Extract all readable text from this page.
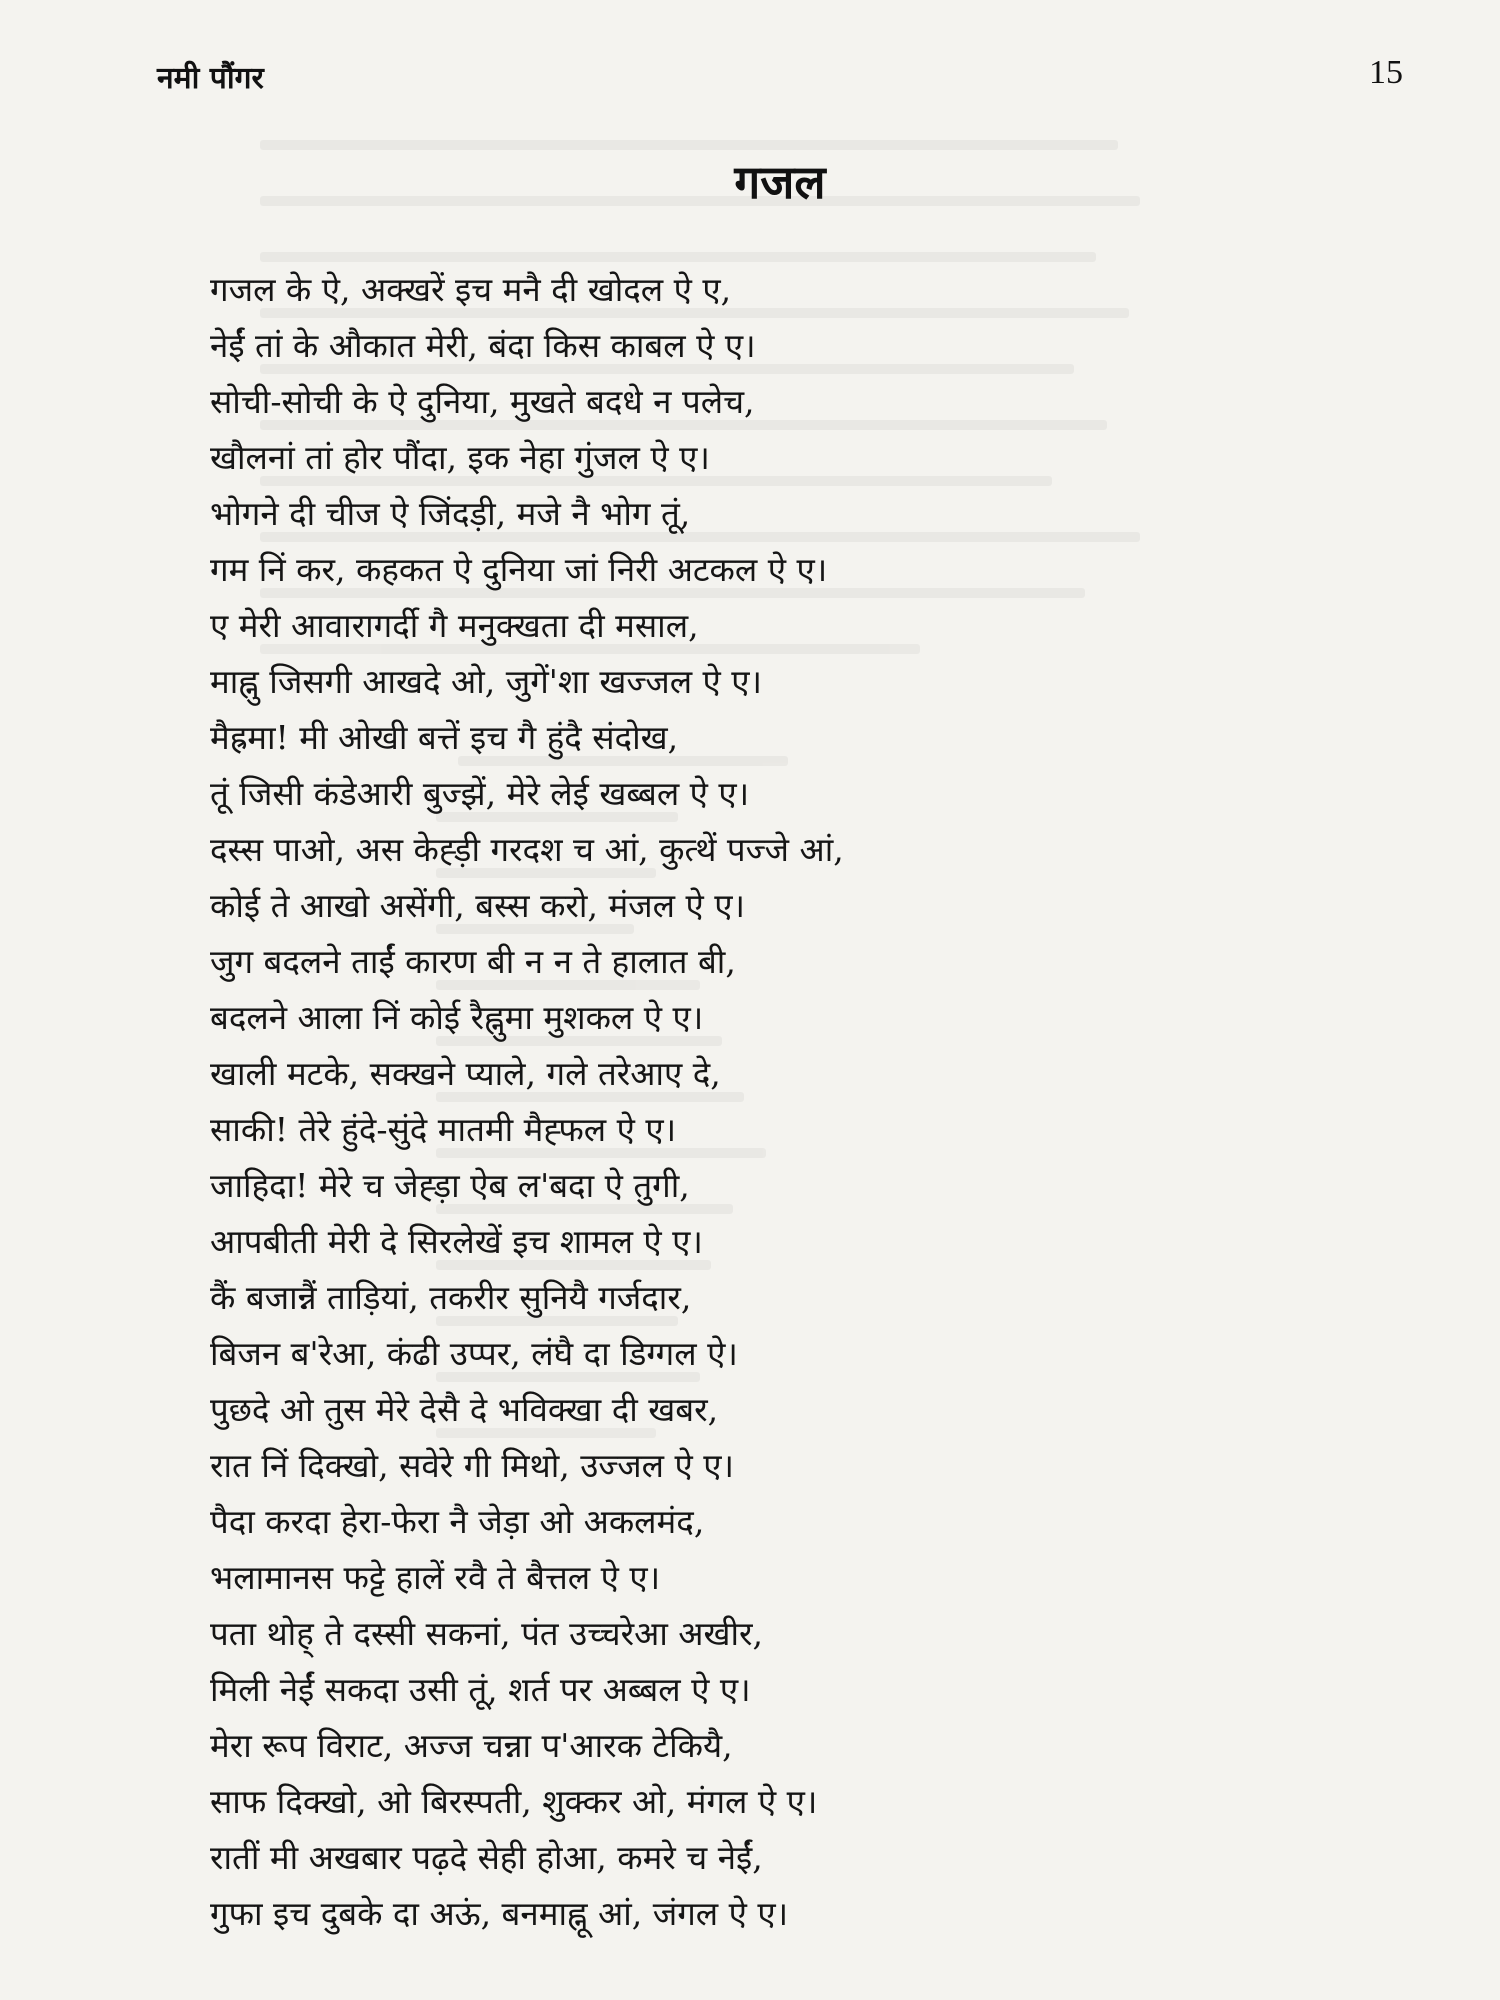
नमी पौंगर	15
गजल
गजल के ऐ, अक्खरें इच मनै दी खोदल ऐ ए,
नेईं तां के औकात मेरी, बंदा किस काबल ऐ ए।
सोची-सोची के ऐ दुनिया, मुखते बदधे न पलेच,
खौलनां तां होर पौंदा, इक नेहा गुंजल ऐ ए।
भोगने दी चीज ऐ जिंदड़ी, मजे नै भोग तूं,
गम निं कर, कहकत ऐ दुनिया जां निरी अटकल ऐ ए।
ए मेरी आवारागर्दी गै मनुक्खता दी मसाल,
माह्नु जिसगी आखदे ओ, जुगें'शा खज्जल ऐ ए।
मैह्रमा! मी ओखी बत्तें इच गै हुंदै संदोख,
तूं जिसी कंडेआरी बुज्झें, मेरे लेई खब्बल ऐ ए।
दस्स पाओ, अस केह्ड़ी गरदश च आं, कुत्थें पज्जे आं,
कोई ते आखो असेंगी, बस्स करो, मंजल ऐ ए।
जुग बदलने ताईं कारण बी न न ते हालात बी,
बदलने आला निं कोई रैह्नुमा मुशकल ऐ ए।
खाली मटके, सक्खने प्याले, गले तरेआए दे,
साकी! तेरे हुंदे-सुंदे मातमी मैह्फल ऐ ए।
जाहिदा! मेरे च जेह्ड़ा ऐब ल'बदा ऐ तुगी,
आपबीती मेरी दे सिरलेखें इच शामल ऐ ए।
कैं बजान्नैं ताड़ियां, तकरीर सुनियै गर्जदार,
बिजन ब'रेआ, कंढी उप्पर, लंघै दा डिग्गल ऐ।
पुछदे ओ तुस मेरे देसै दे भविक्खा दी खबर,
रात निं दिक्खो, सवेरे गी मिथो, उज्जल ऐ ए।
पैदा करदा हेरा-फेरा नै जेड़ा ओ अकलमंद,
भलामानस फट्टे हालें रवै ते बैत्तल ऐ ए।
पता थोह् ते दस्सी सकनां, पंत उच्चरेआ अखीर,
मिली नेईं सकदा उसी तूं, शर्त पर अब्बल ऐ ए।
मेरा रूप विराट, अज्ज चन्ना प'आरक टेकियै,
साफ दिक्खो, ओ बिरस्पती, शुक्कर ओ, मंगल ऐ ए।
रातीं मी अखबार पढ़दे सेही होआ, कमरे च नेईं,
गुफा इच दुबके दा अऊं, बनमाह्नू आं, जंगल ऐ ए।
